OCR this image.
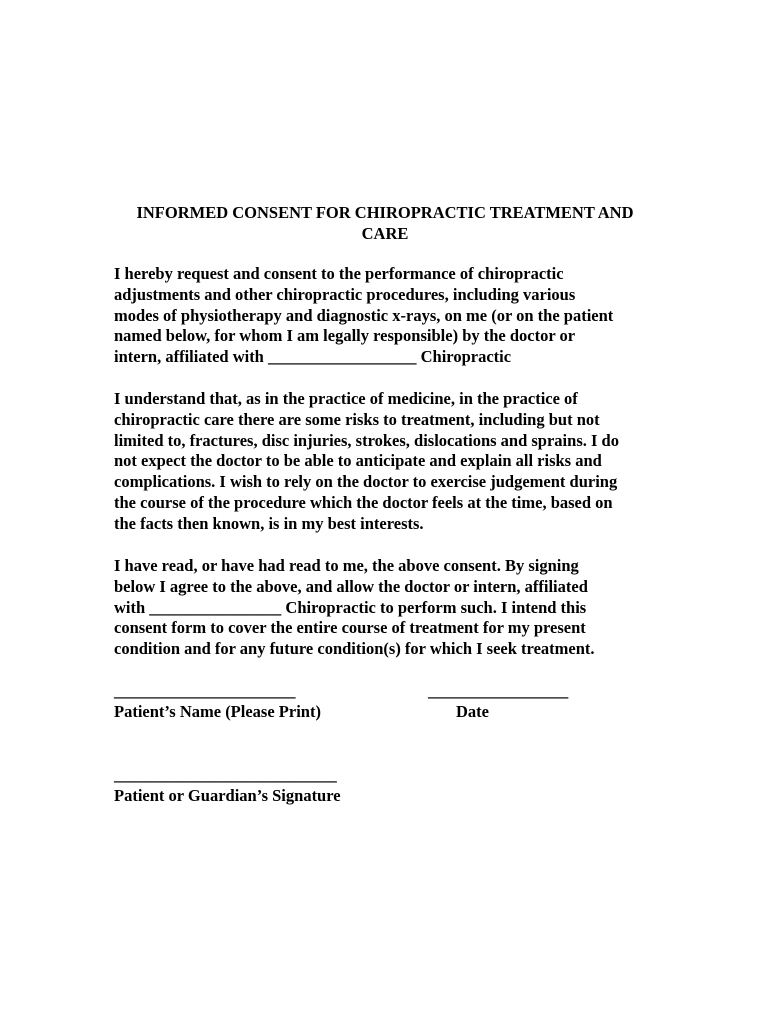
INFORMED CONSENT FOR CHIROPRACTIC TREATMENT AND
CARE
I hereby request and consent to the performance of chiropractic
adjustments and other chiropractic procedures, including various
modes of physiotherapy and diagnostic x-rays, on me (or on the patient
named below, for whom I am legally responsible) by the doctor or
intern, affiliated with __________________ Chiropractic
I understand that, as in the practice of medicine, in the practice of
chiropractic care there are some risks to treatment, including but not
limited to, fractures, disc injuries, strokes, dislocations and sprains. I do
not expect the doctor to be able to anticipate and explain all risks and
complications. I wish to rely on the doctor to exercise judgement during
the course of the procedure which the doctor feels at the time, based on
the facts then known, is in my best interests.
I have read, or have had read to me, the above consent. By signing
below I agree to the above, and allow the doctor or intern, affiliated
with ________________ Chiropractic to perform such. I intend this
consent form to cover the entire course of treatment for my present
condition and for any future condition(s) for which I seek treatment.
______________________
Patient’s Name (Please Print)
_________________
Date
___________________________
Patient or Guardian’s Signature
